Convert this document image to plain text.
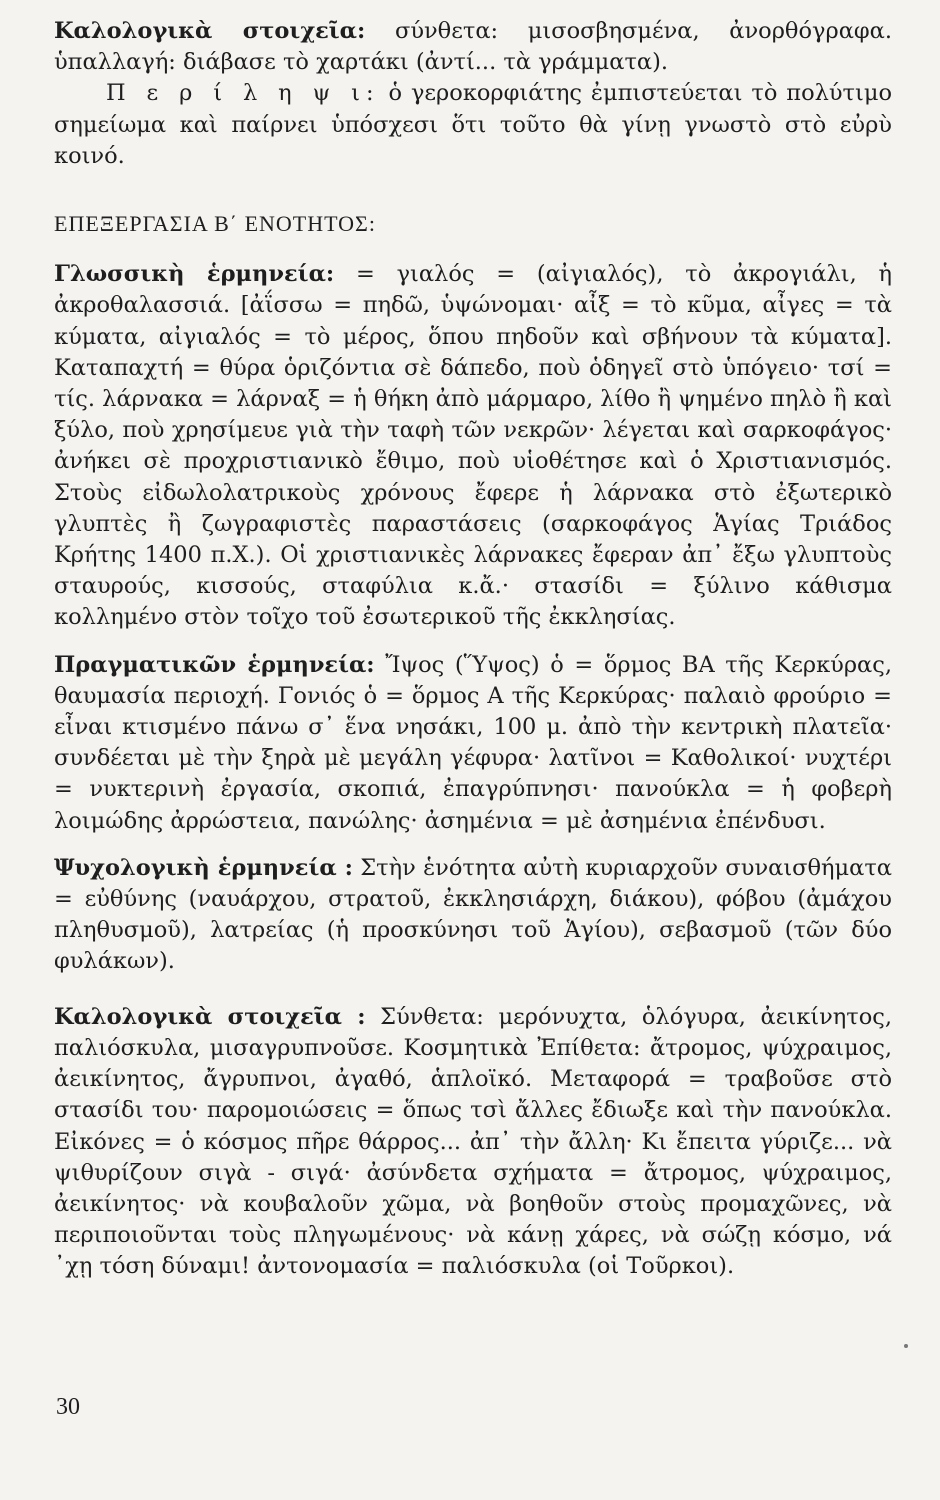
Καλολογικὰ στοιχεῖα: σύνθετα: μισοσβησμένα, ἀνορθόγραφα. ὑπαλλαγή: διάβασε τὸ χαρτάκι (ἀντί... τὰ γράμματα).

Π ε ρ ί λ η ψ ι: ὁ γεροκορφιάτης ἐμπιστεύεται τὸ πολύτιμο σημείωμα καὶ παίρνει ὑπόσχεσι ὅτι τοῦτο θὰ γίνῃ γνωστὸ στὸ εὐρὺ κοινό.

ΕΠΕΞΕΡΓΑΣΙΑ Β΄ ΕΝΟΤΗΤΟΣ:

Γλωσσικὴ ἑρμηνεία: = γιαλός = (αἰγιαλός), τὸ ἀκρογιάλι, ἡ ἀκροθαλασσιά. [ἀΐσσω = πηδῶ, ὑψώνομαι· αἶξ = τὸ κῦμα, αἶγες = τὰ κύματα, αἰγιαλός = τὸ μέρος, ὅπου πηδοῦν καὶ σβήνουν τὰ κύματα]. Καταπαχτή = θύρα ὁριζόντια σὲ δάπεδο, ποὺ ὁδηγεῖ στὸ ὑπόγειο· τσί = τίς. λάρνακα = λάρναξ = ἡ θήκη ἀπὸ μάρμαρο, λίθο ἢ ψημένο πηλὸ ἢ καὶ ξύλο, ποὺ χρησίμευε γιὰ τὴν ταφὴ τῶν νεκρῶν· λέγεται καὶ σαρκοφάγος· ἀνήκει σὲ προχριστιανικὸ ἔθιμο, ποὺ υἱοθέτησε καὶ ὁ Χριστιανισμός. Στοὺς εἰδωλολατρικοὺς χρόνους ἔφερε ἡ λάρνακα στὸ ἐξωτερικὸ γλυπτὲς ἢ ζωγραφιστὲς παραστάσεις (σαρκοφάγος Ἁγίας Τριάδος Κρήτης 1400 π.Χ.). Οἱ χριστιανικὲς λάρνακες ἔφεραν ἀπ᾽ ἔξω γλυπτοὺς σταυρούς, κισσούς, σταφύλια κ.ἄ.· στασίδι = ξύλινο κάθισμα κολλημένο στὸν τοῖχο τοῦ ἐσωτερικοῦ τῆς ἐκκλησίας.

Πραγματικῶν ἑρμηνεία: Ἴψος (Ὕψος) ὁ = ὅρμος ΒΑ τῆς Κερκύρας, θαυμασία περιοχή. Γονιός ὁ = ὅρμος Α τῆς Κερκύρας· παλαιὸ φρούριο = εἶναι κτισμένο πάνω σ᾽ ἕνα νησάκι, 100 μ. ἀπὸ τὴν κεντρικὴ πλατεῖα· συνδέεται μὲ τὴν ξηρὰ μὲ μεγάλη γέφυρα· λατῖνοι = Καθολικοί· νυχτέρι = νυκτερινὴ ἐργασία, σκοπιά, ἐπαγρύπνησι· πανούκλα = ἡ φοβερὴ λοιμώδης ἀρρώστεια, πανώλης· ἀσημένια = μὲ ἀσημένια ἐπένδυσι.

Ψυχολογικὴ ἑρμηνεία : Στὴν ἑνότητα αὐτὴ κυριαρχοῦν συναισθήματα = εὐθύνης (ναυάρχου, στρατοῦ, ἐκκλησιάρχη, διάκου), φόβου (ἀμάχου πληθυσμοῦ), λατρείας (ἡ προσκύνησι τοῦ Ἁγίου), σεβασμοῦ (τῶν δύο φυλάκων).

Καλολογικὰ στοιχεῖα : Σύνθετα: μερόνυχτα, ὁλόγυρα, ἀεικίνητος, παλιόσκυλα, μισαγρυπνοῦσε. Κοσμητικὰ Ἐπίθετα: ἄτρομος, ψύχραιμος, ἀεικίνητος, ἄγρυπνοι, ἀγαθό, ἁπλοϊκό. Μεταφορά = τραβοῦσε στὸ στασίδι του· παρομοιώσεις = ὅπως τσὶ ἄλλες ἔδιωξε καὶ τὴν πανούκλα. Εἰκόνες = ὁ κόσμος πῆρε θάρρος... ἀπ᾽ τὴν ἄλλη· Κι ἔπειτα γύριζε... νὰ ψιθυρίζουν σιγὰ - σιγά· ἀσύνδετα σχήματα = ἄτρομος, ψύχραιμος, ἀεικίνητος· νὰ κουβαλοῦν χῶμα, νὰ βοηθοῦν στοὺς προμαχῶνες, νὰ περιποιοῦνται τοὺς πληγωμένους· νὰ κάνῃ χάρες, νὰ σώζῃ κόσμο, νά ᾽χῃ τόση δύναμι! ἀντονομασία = παλιόσκυλα (οἱ Τοῦρκοι).

30
